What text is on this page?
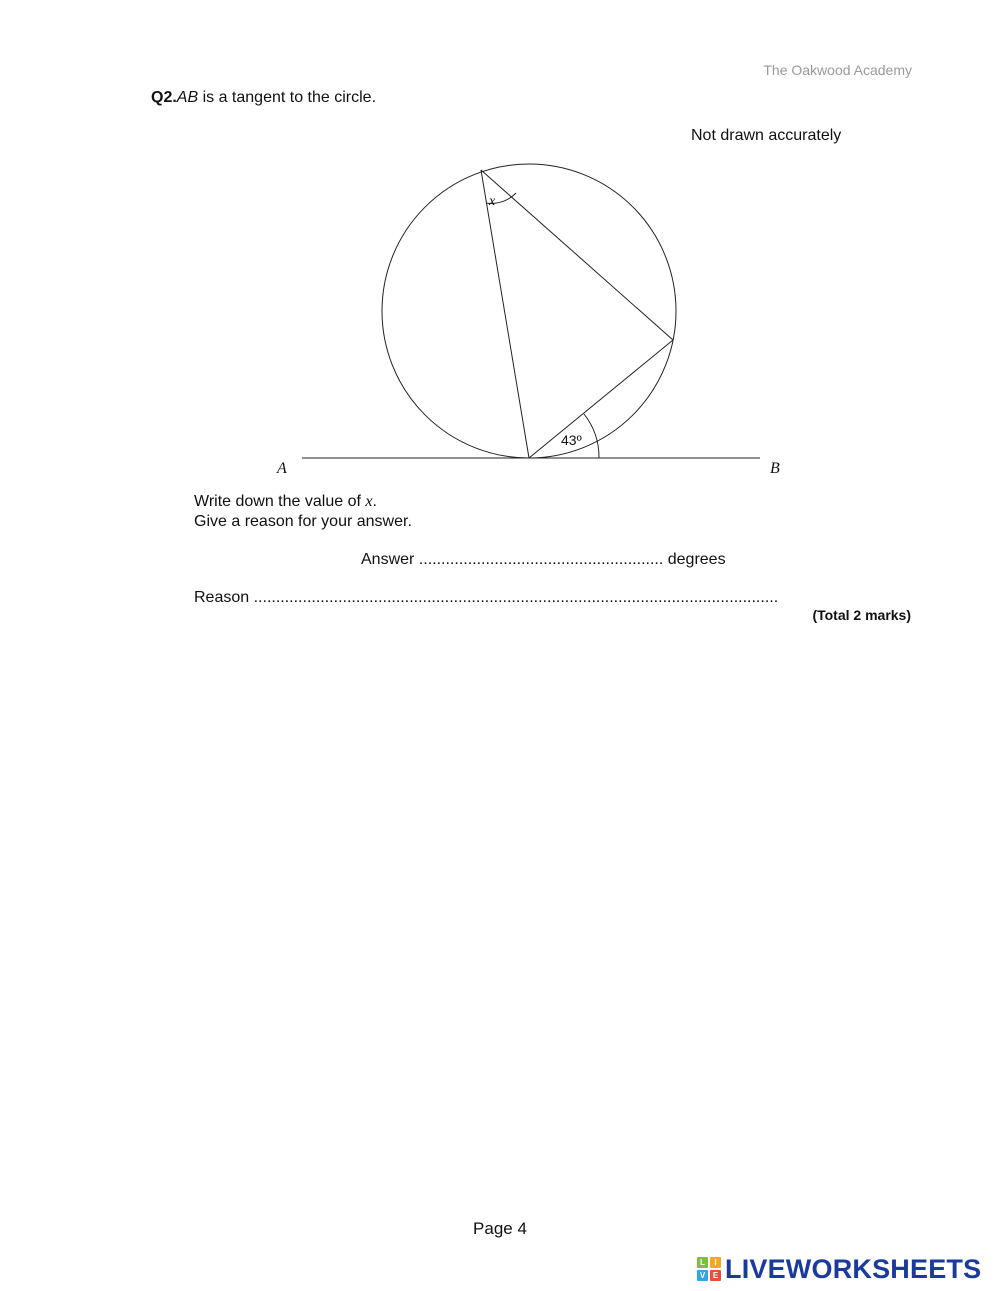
The Oakwood Academy
Q2.AB is a tangent to the circle.
Not drawn accurately
x
43º
A	B
Write down the value of x.
Give a reason for your answer.
Answer ....................................................... degrees
Reason ......................................................................................................................
(Total 2 marks)
Page 4
L	I
V E LIVEWORKSHEETS
